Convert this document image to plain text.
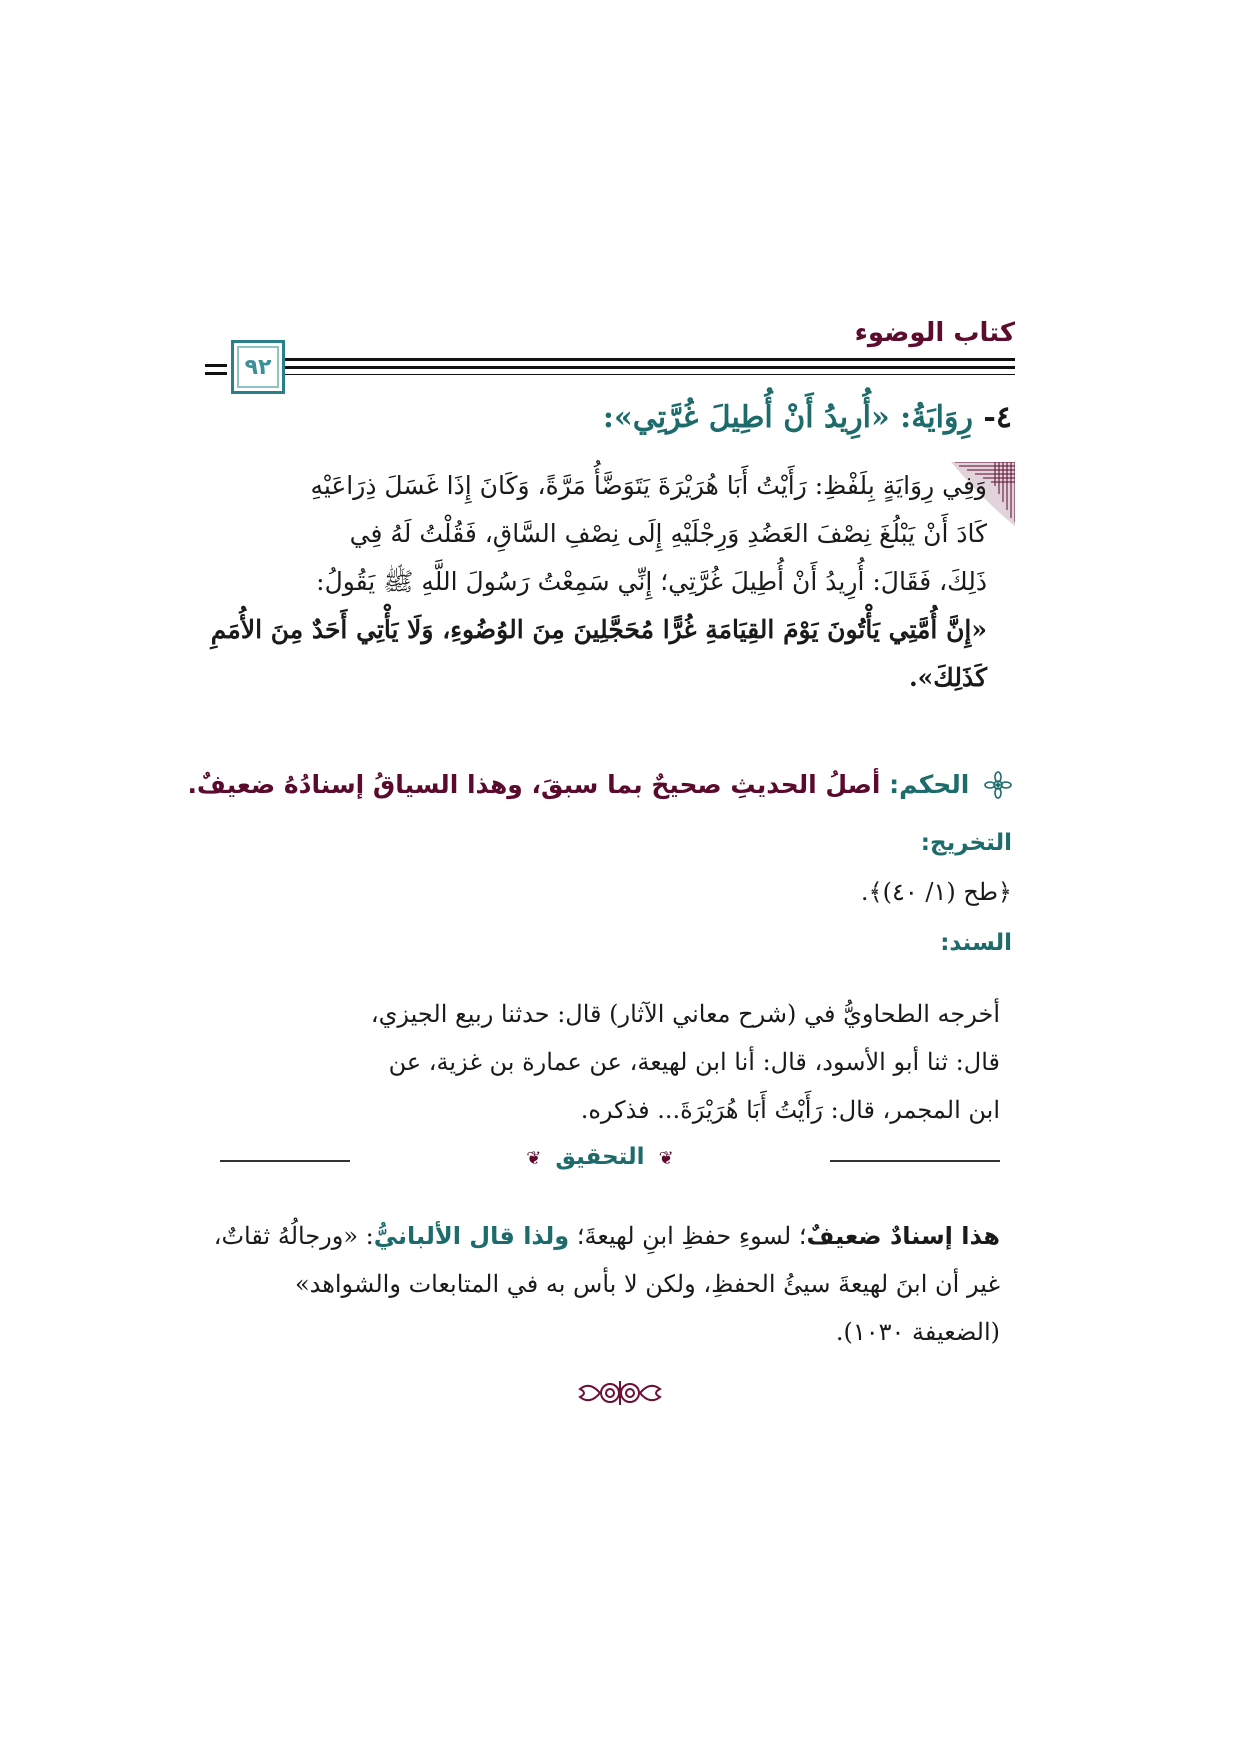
كتاب الوضوء
٩٢
٤- رِوَايَةُ: «أُرِيدُ أَنْ أُطِيلَ غُرَّتِي»:

وَفِي رِوَايَةٍ بِلَفْظِ: رَأَيْتُ أَبَا هُرَيْرَةَ يَتَوَضَّأُ مَرَّةً، وَكَانَ إِذَا غَسَلَ ذِرَاعَيْهِ

كَادَ أَنْ يَبْلُغَ نِصْفَ العَضُدِ وَرِجْلَيْهِ إِلَى نِصْفِ السَّاقِ، فَقُلْتُ لَهُ فِي

ذَلِكَ، فَقَالَ: أُرِيدُ أَنْ أُطِيلَ غُرَّتِي؛ إِنِّي سَمِعْتُ رَسُولَ اللَّهِ ﷺ يَقُولُ:

«إِنَّ أُمَّتِي يَأْتُونَ يَوْمَ القِيَامَةِ غُرًّا مُحَجَّلِينَ مِنَ الوُضُوءِ، وَلَا يَأْتِي أَحَدٌ مِنَ الأُمَمِ

كَذَلِكَ».

الحكم: أصلُ الحديثِ صحيحٌ بما سبقَ، وهذا السياقُ إسنادُهُ ضعيفٌ.
التخريج:
﴿طح (١/ ٤٠)﴾.
السند:

أخرجه الطحاويُّ في (شرح معاني الآثار) قال: حدثنا ربيع الجيزي،

قال: ثنا أبو الأسود، قال: أنا ابن لهيعة، عن عمارة بن غزية، عن

ابن المجمر، قال: رَأَيْتُ أَبَا هُرَيْرَةَ... فذكره.

❦ التحقيق ❦

هذا إسنادٌ ضعيفٌ؛ لسوءِ حفظِ ابنِ لهيعةَ؛ ولذا قال الألبانيُّ: «ورجالُهُ ثقاتٌ،

غير أن ابنَ لهيعةَ سيئُ الحفظِ، ولكن لا بأس به في المتابعات والشواهد»

(الضعيفة ١٠٣٠).
